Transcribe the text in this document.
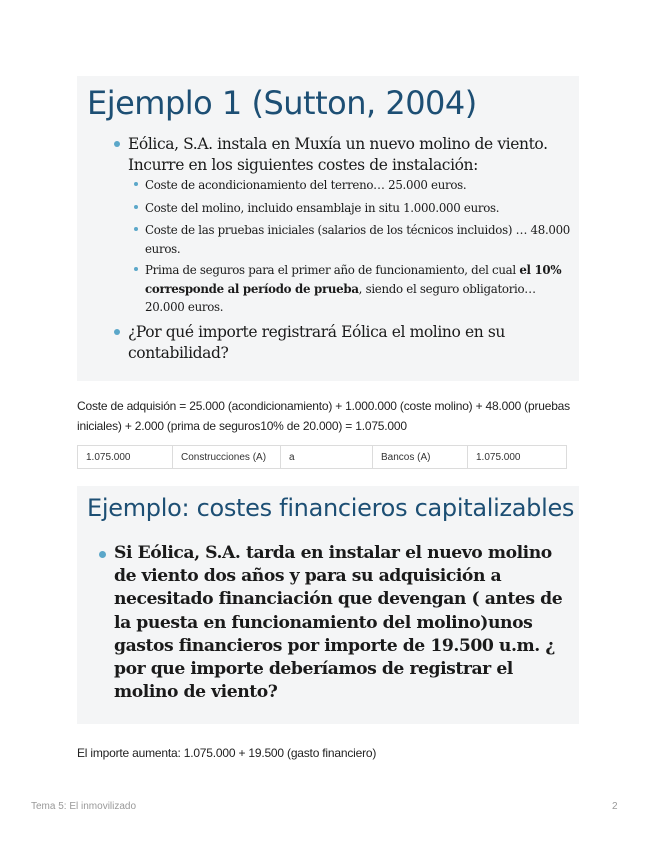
Ejemplo 1 (Sutton, 2004)
Eólica, S.A. instala en Muxía un nuevo molino de viento. Incurre en los siguientes costes de instalación:
Coste de acondicionamiento del terreno… 25.000 euros.
Coste del molino, incluido ensamblaje in situ 1.000.000 euros.
Coste de las pruebas iniciales (salarios de los técnicos incluidos) … 48.000 euros.
Prima de seguros para el primer año de funcionamiento, del cual el 10% corresponde al período de prueba, siendo el seguro obligatorio… 20.000 euros.
¿Por qué importe registrará Eólica el molino en su contabilidad?
Coste de adquisión = 25.000 (acondicionamiento) + 1.000.000 (coste molino) + 48.000 (pruebas iniciales) + 2.000 (prima de seguros10% de 20.000) = 1.075.000
1.075.000	Construcciones (A)	a	Bancos (A)	1.075.000
Ejemplo: costes financieros capitalizables
Si Eólica, S.A. tarda en instalar el nuevo molino de viento dos años y para su adquisición a necesitado financiación que devengan ( antes de la puesta en funcionamiento del molino)unos gastos financieros por importe de 19.500 u.m. ¿ por que importe deberíamos de registrar el molino de viento?
El importe aumenta: 1.075.000 + 19.500 (gasto financiero)
Tema 5: El inmovilizado	2
